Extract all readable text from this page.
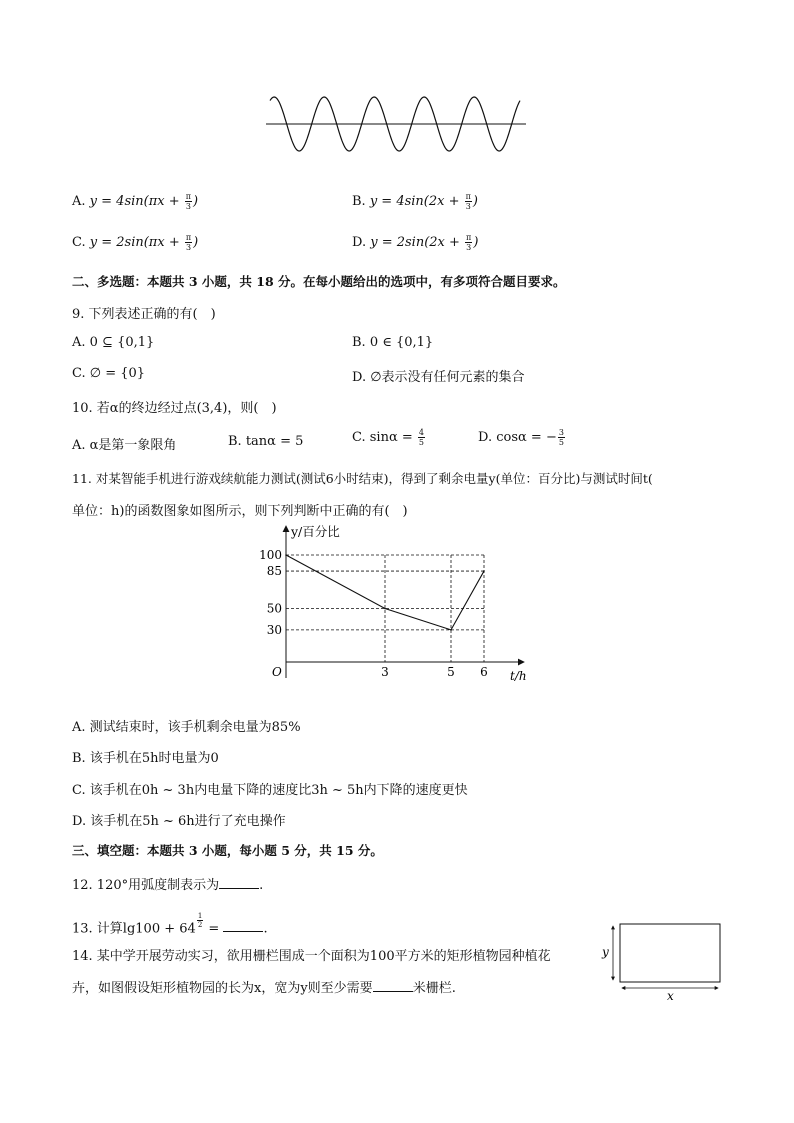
A. $y = 4\sin(\pi x + \frac{\pi}{3}$ )	B. $y = 4\sin(2x + \frac{\pi}{3}$ )
C. $y = 2\sin(\pi x + \frac{\pi}{3}$ )	D. $y = 2\sin(2x + \frac{\pi}{3}$ )
二、多选题：本题共 3 小题，共 18 分。在每小题给出的选项中，有多项符合题目要求。
9. 下列表述正确的有(　)
A. 0 ⊆ {0,1}	B. 0 ∈ {0,1}
C. ∅ = {0}	D. ∅表示没有任何元素的集合
10. 若α的终边经过点(3,4)，则(　)
A. α是第一象限角	B. tanα = 5	C. $\sin\alpha = \frac{4}{5}$	D. cosα = − $\frac{3}{5}$
11. 对某智能手机进行游戏续航能力测试(测试6小时结束)，得到了剩余电量y(单位：百分比)与测试时间t(
单位：h)的函数图象如图所示，则下列判断中正确的有(　)
100
85
50
30
3	5 6
O	t/h
y/百分比
A. 测试结束时，该手机剩余电量为85%
B. 该手机在5h时电量为0
C. 该手机在0h ~ 3h内电量下降的速度比3h ~ 5h内下降的速度更快
D. 该手机在5h ~ 6h进行了充电操作
三、填空题：本题共 3 小题，每小题 5 分，共 15 分。
12. 120°用弧度制表示为	.
13. 计算$\lg 100 + 64 \frac{1}{2}$ =	.
14. 某中学开展劳动实习，欲用栅栏围成一个面积为100平方米的矩形植物园种植花
卉，如图假设矩形植物园的长为x，宽为y则至少需要	米栅栏.
y
x
